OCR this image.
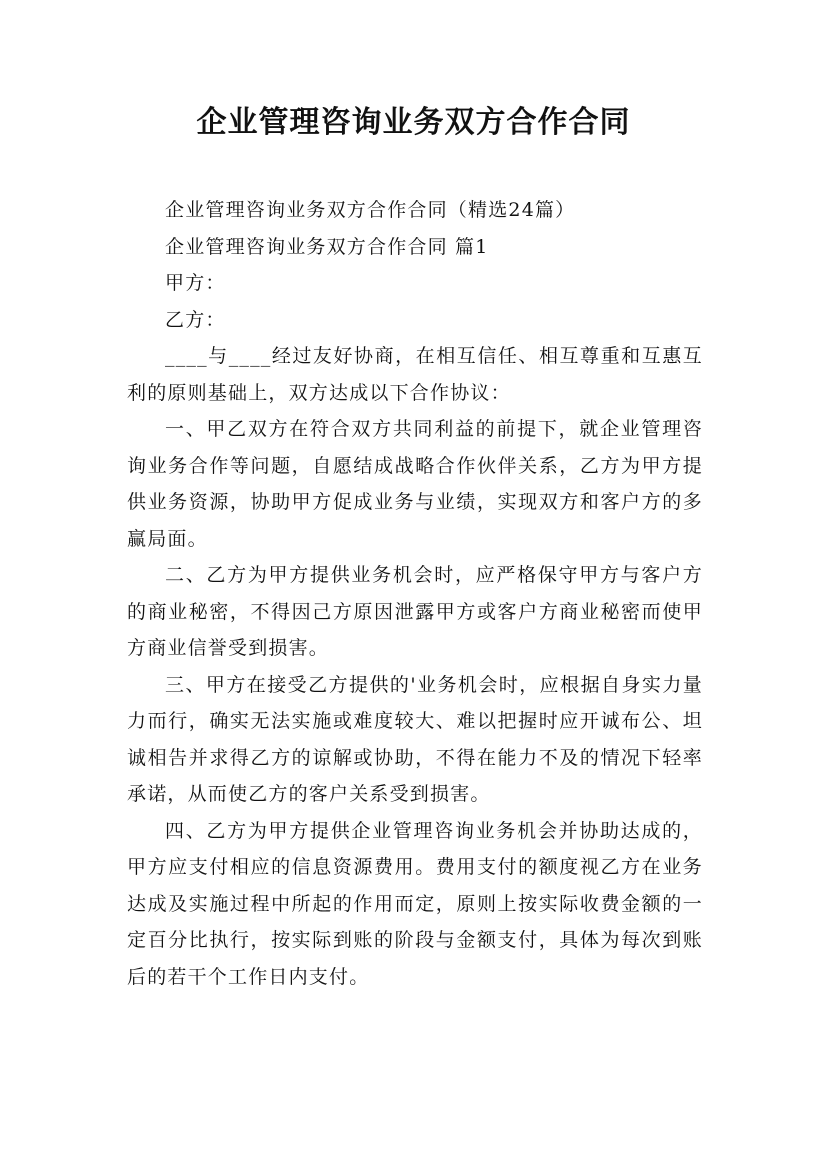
企业管理咨询业务双方合作合同

企业管理咨询业务双方合作合同（精选24篇）

企业管理咨询业务双方合作合同 篇1

甲方：

乙方：

____与____经过友好协商，在相互信任、相互尊重和互惠互利的原则基础上，双方达成以下合作协议：

一、甲乙双方在符合双方共同利益的前提下，就企业管理咨询业务合作等问题，自愿结成战略合作伙伴关系，乙方为甲方提供业务资源，协助甲方促成业务与业绩，实现双方和客户方的多赢局面。

二、乙方为甲方提供业务机会时，应严格保守甲方与客户方的商业秘密，不得因己方原因泄露甲方或客户方商业秘密而使甲方商业信誉受到损害。

三、甲方在接受乙方提供的'业务机会时，应根据自身实力量力而行，确实无法实施或难度较大、难以把握时应开诚布公、坦诚相告并求得乙方的谅解或协助，不得在能力不及的情况下轻率承诺，从而使乙方的客户关系受到损害。

四、乙方为甲方提供企业管理咨询业务机会并协助达成的，甲方应支付相应的信息资源费用。费用支付的额度视乙方在业务达成及实施过程中所起的作用而定，原则上按实际收费金额的一定百分比执行，按实际到账的阶段与金额支付，具体为每次到账后的若干个工作日内支付。
